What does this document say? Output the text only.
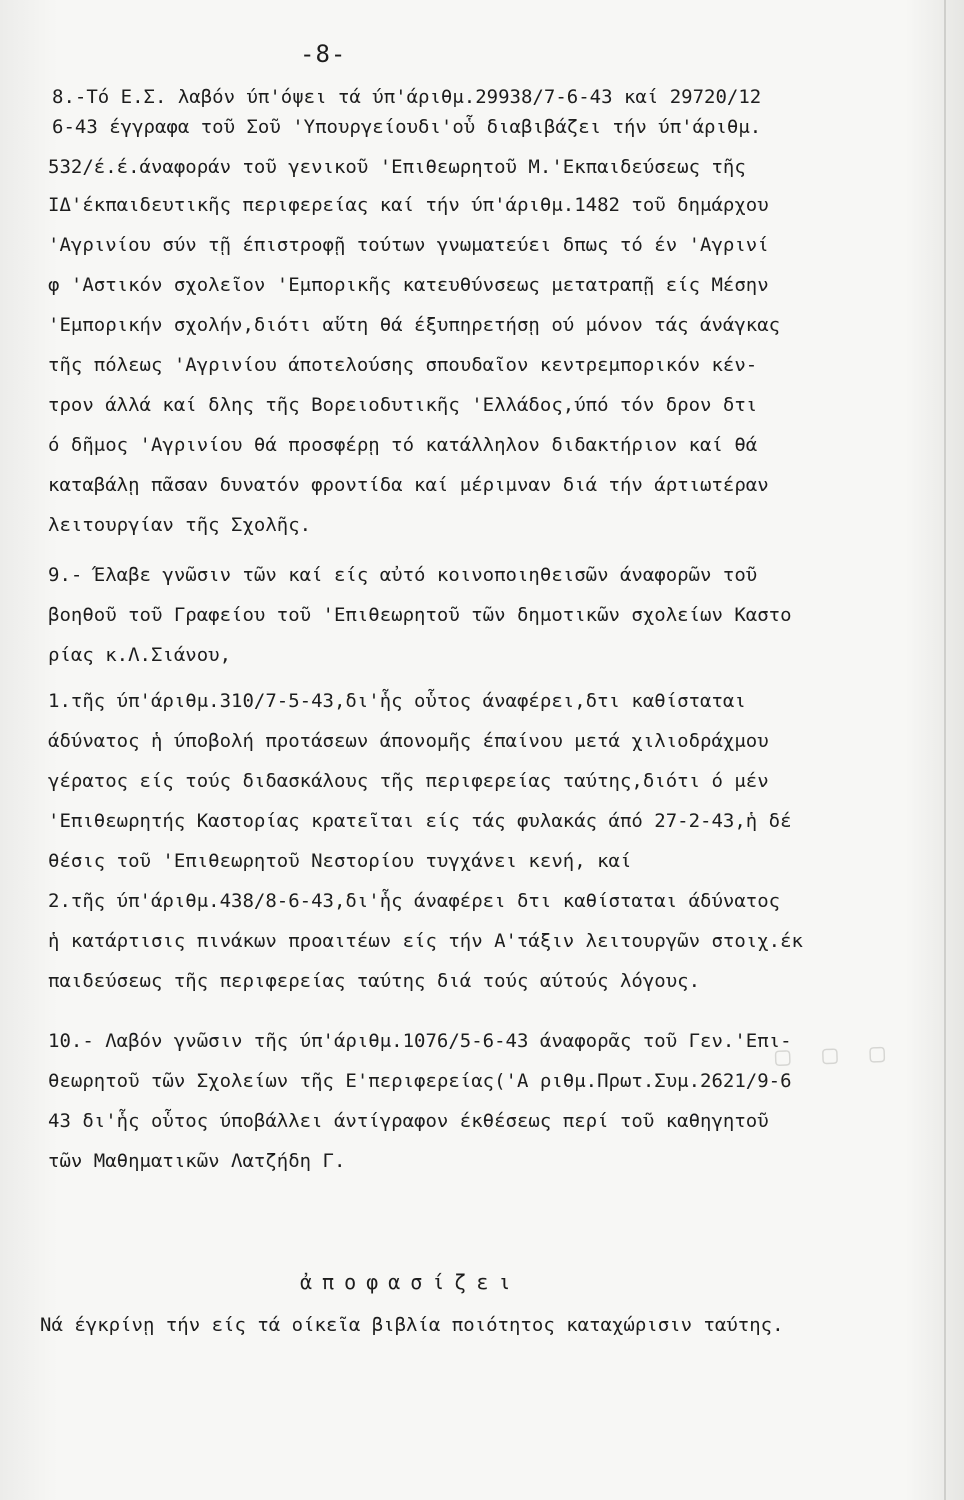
-8-
8.-Τό Ε.Σ. λαβόν ύπ'όψει τά ύπ'άριθμ.29938/7-6-43 καί 29720/12
6-43 έγγραφα τοῦ Σοῦ 'Υπουργείουδι'οὗ διαβιβάζει τήν ύπ'άριθμ.
532/έ.έ.άναφοράν τοῦ γενικοῦ 'Επιθεωρητοῦ Μ.'Εκπαιδεύσεως τῆς
ΙΔ'έκπαιδευτικῆς περιφερείας καί τήν ύπ'άριθμ.1482 τοῦ δημάρχου
'Αγρινίου σύν τῇ έπιστροφῇ τούτων γνωματεύει δπως τό έν 'Αγρινί
φ 'Αστικόν σχολεῖον 'Εμπορικῆς κατευθύνσεως μετατραπῇ είς Μέσην
'Εμπορικήν σχολήν,διότι αὕτη θά έξυπηρετήσῃ ού μόνον τάς άνάγκας
τῆς πόλεως 'Αγρινίου άποτελούσης σπουδαῖον κεντρεμπορικόν κέν-
τρον άλλά καί δλης τῆς Βορειοδυτικῆς 'Ελλάδος,ύπό τόν δρον δτι
ό δῆμος 'Αγρινίου θά προσφέρῃ τό κατάλληλον διδακτήριον καί θά
καταβάλῃ πᾶσαν δυνατόν φροντίδα καί μέριμναν διά τήν άρτιωτέραν
λειτουργίαν τῆς Σχολῆς.
9.- Έλαβε γνῶσιν τῶν καί είς αὐτό κοινοποιηθεισῶν άναφορῶν τοῦ
βοηθοῦ τοῦ Γραφείου τοῦ 'Επιθεωρητοῦ τῶν δημοτικῶν σχολείων Καστο
ρίας κ.Λ.Σιάνου,
1.τῆς ύπ'άριθμ.310/7-5-43,δι'ἧς οὗτος άναφέρει,δτι καθίσταται
άδύνατος ἡ ύποβολή προτάσεων άπονομῆς έπαίνου μετά χιλιοδράχμου
γέρατος είς τούς διδασκάλους τῆς περιφερείας ταύτης,διότι ό μέν
'Επιθεωρητής Καστορίας κρατεῖται είς τάς φυλακάς άπό 27-2-43,ἡ δέ
θέσις τοῦ 'Επιθεωρητοῦ Νεστορίου τυγχάνει κενή, καί
2.τῆς ύπ'άριθμ.438/8-6-43,δι'ἧς άναφέρει δτι καθίσταται άδύνατος
ἡ κατάρτισις πινάκων προαιτέων είς τήν Α'τάξιν λειτουργῶν στοιχ.έκ
παιδεύσεως τῆς περιφερείας ταύτης διά τούς αύτούς λόγους.
▢ ▢ ▢
10.- Λαβόν γνῶσιν τῆς ύπ'άριθμ.1076/5-6-43 άναφορᾶς τοῦ Γεν.'Επι-
θεωρητοῦ τῶν Σχολείων τῆς Ε'περιφερείας('Α ριθμ.Πρωτ.Συμ.2621/9-6
43 δι'ἧς οὗτος ύποβάλλει άντίγραφον έκθέσεως περί τοῦ καθηγητοῦ
τῶν Μαθηματικῶν Λατζήδη Γ.
ἀποφασίζει
Νά έγκρίνῃ τήν είς τά οίκεῖα βιβλία ποιότητος καταχώρισιν ταύτης.
